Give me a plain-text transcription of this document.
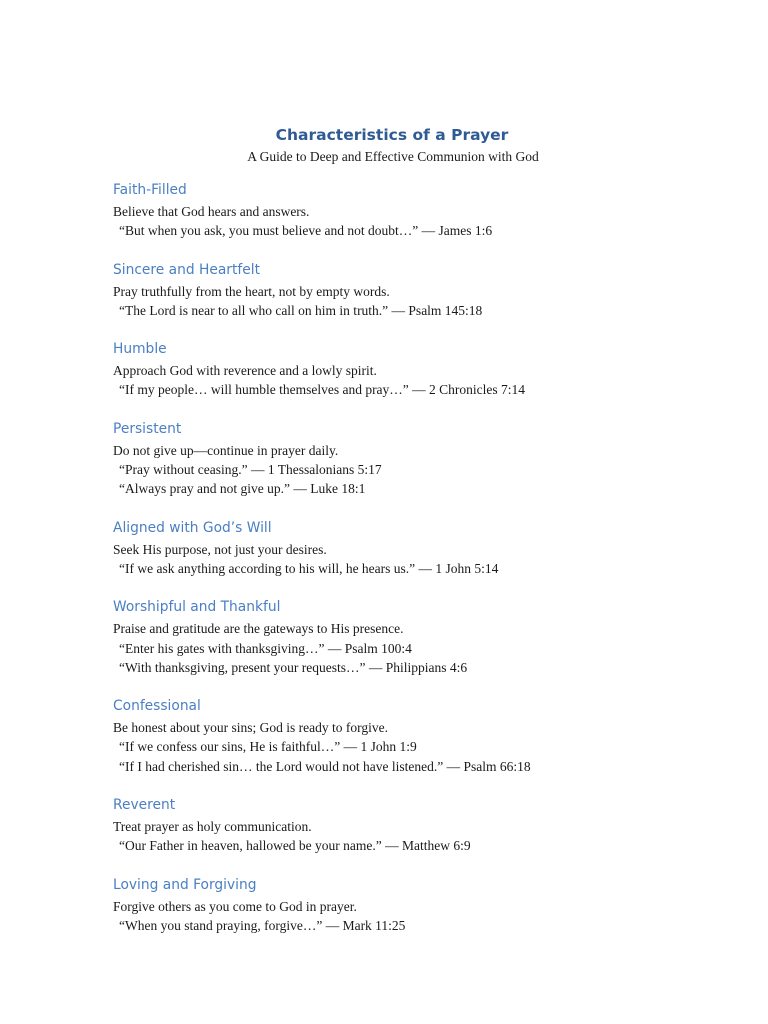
Characteristics of a Prayer
A Guide to Deep and Effective Communion with God
Faith-Filled

Believe that God hears and answers.

“But when you ask, you must believe and not doubt…” — James 1:6

Sincere and Heartfelt

Pray truthfully from the heart, not by empty words.

“The Lord is near to all who call on him in truth.” — Psalm 145:18

Humble

Approach God with reverence and a lowly spirit.

“If my people… will humble themselves and pray…” — 2 Chronicles 7:14

Persistent

Do not give up—continue in prayer daily.

“Pray without ceasing.” — 1 Thessalonians 5:17

“Always pray and not give up.” — Luke 18:1

Aligned with God’s Will

Seek His purpose, not just your desires.

“If we ask anything according to his will, he hears us.” — 1 John 5:14

Worshipful and Thankful

Praise and gratitude are the gateways to His presence.

“Enter his gates with thanksgiving…” — Psalm 100:4

“With thanksgiving, present your requests…” — Philippians 4:6

Confessional

Be honest about your sins; God is ready to forgive.

“If we confess our sins, He is faithful…” — 1 John 1:9

“If I had cherished sin… the Lord would not have listened.” — Psalm 66:18

Reverent

Treat prayer as holy communication.

“Our Father in heaven, hallowed be your name.” — Matthew 6:9

Loving and Forgiving

Forgive others as you come to God in prayer.

“When you stand praying, forgive…” — Mark 11:25
